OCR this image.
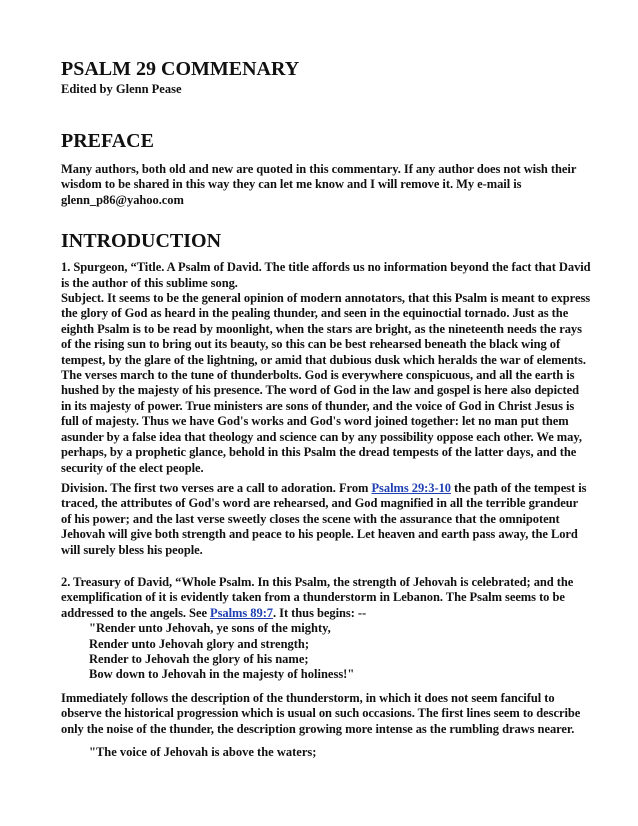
PSALM 29 COMMENARY

Edited by Glenn Pease

PREFACE

Many authors, both old and new are quoted in this commentary. If any author does not wish their wisdom to be shared in this way they can let me know and I will remove it. My e-mail is glenn_p86@yahoo.com

INTRODUCTION

1. Spurgeon, “Title. A Psalm of David. The title affords us no information beyond the fact that David is the author of this sublime song.

Subject. It seems to be the general opinion of modern annotators, that this Psalm is meant to express the glory of God as heard in the pealing thunder, and seen in the equinoctial tornado. Just as the eighth Psalm is to be read by moonlight, when the stars are bright, as the nineteenth needs the rays of the rising sun to bring out its beauty, so this can be best rehearsed beneath the black wing of tempest, by the glare of the lightning, or amid that dubious dusk which heralds the war of elements. The verses march to the tune of thunderbolts. God is everywhere conspicuous, and all the earth is hushed by the majesty of his presence. The word of God in the law and gospel is here also depicted in its majesty of power. True ministers are sons of thunder, and the voice of God in Christ Jesus is full of majesty. Thus we have God's works and God's word joined together: let no man put them asunder by a false idea that theology and science can by any possibility oppose each other. We may, perhaps, by a prophetic glance, behold in this Psalm the dread tempests of the latter days, and the security of the elect people.

Division. The first two verses are a call to adoration. From Psalms 29:3-10 the path of the tempest is traced, the attributes of God's word are rehearsed, and God magnified in all the terrible grandeur of his power; and the last verse sweetly closes the scene with the assurance that the omnipotent Jehovah will give both strength and peace to his people. Let heaven and earth pass away, the Lord will surely bless his people.

2. Treasury of David, “Whole Psalm. In this Psalm, the strength of Jehovah is celebrated; and the exemplification of it is evidently taken from a thunderstorm in Lebanon. The Psalm seems to be addressed to the angels. See Psalms 89:7. It thus begins: --

"Render unto Jehovah, ye sons of the mighty,
Render unto Jehovah glory and strength;
Render to Jehovah the glory of his name;
Bow down to Jehovah in the majesty of holiness!"

Immediately follows the description of the thunderstorm, in which it does not seem fanciful to observe the historical progression which is usual on such occasions. The first lines seem to describe only the noise of the thunder, the description growing more intense as the rumbling draws nearer.

"The voice of Jehovah is above the waters;
